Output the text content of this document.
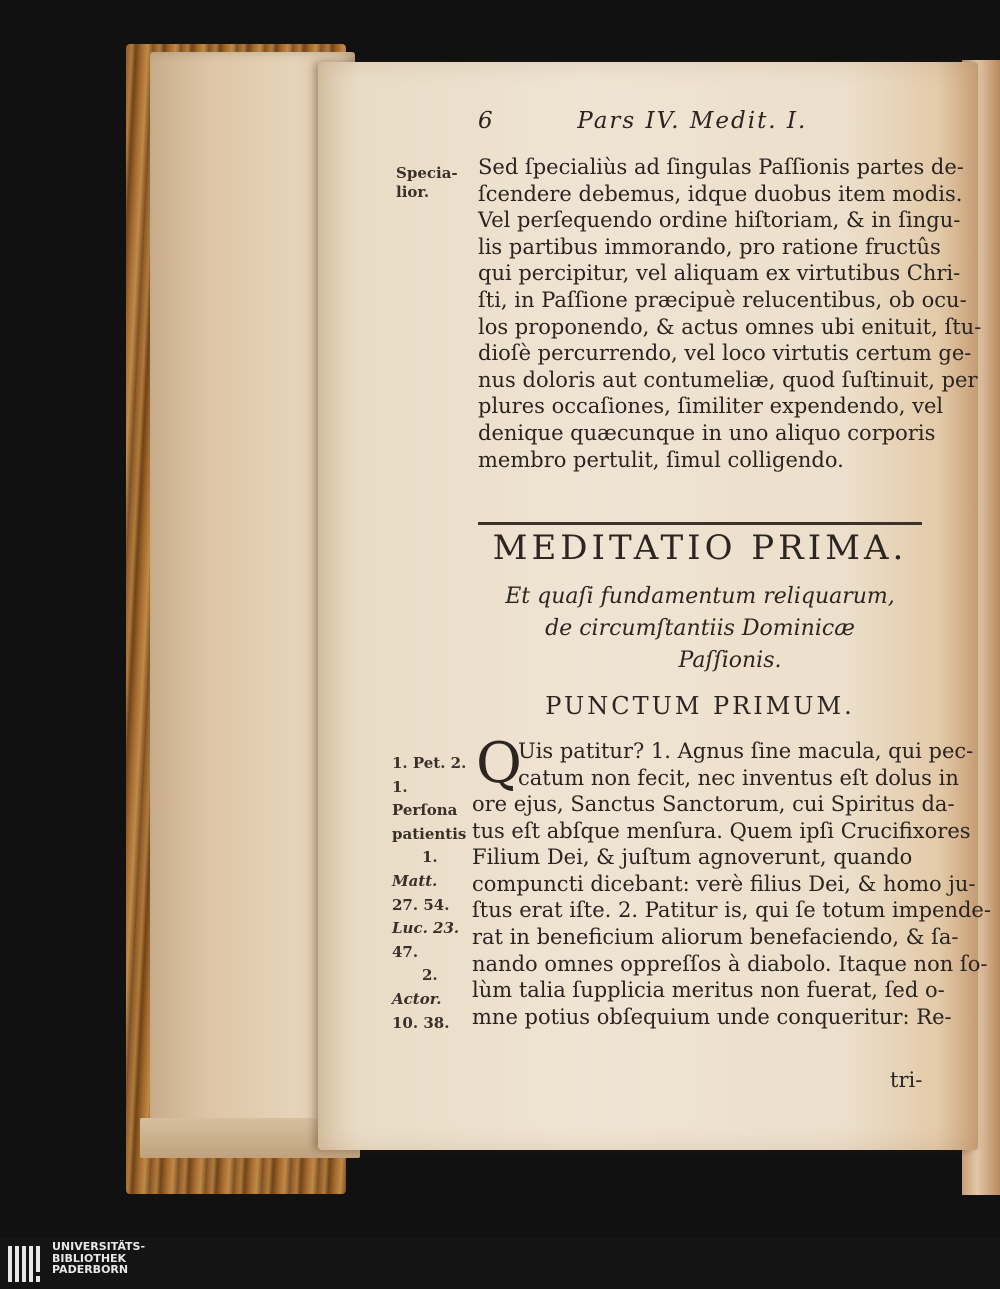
6	Pars IV. Medit. I.
Specia-
lior.
Sed ſpecialiùs ad ſingulas Paſſionis partes de-
ſcendere debemus, idque duobus item modis.
Vel perſequendo ordine hiſtoriam, & in ſingu-
lis partibus immorando, pro ratione fructûs
qui percipitur, vel aliquam ex virtutibus Chri-
ſti, in Paſſione præcipuè relucentibus, ob ocu-
los proponendo, & actus omnes ubi enituit, ſtu-
dioſè percurrendo, vel loco virtutis certum ge-
nus doloris aut contumeliæ, quod ſuſtinuit, per
plures occaſiones, ſimiliter expendendo, vel
denique quæcunque in uno aliquo corporis
membro pertulit, ſimul colligendo.
MEDITATIO PRIMA.
Et quaſi fundamentum reliquarum,
de circumſtantiis Dominicæ
Paſſionis.
PUNCTUM PRIMUM.
1. Pet. 2.
1.
Perſona
patientis
1.
Matt.
27. 54.
Luc. 23.
47.
2.
Actor.
10. 38.
Q
Uis patitur? 1. Agnus ſine macula, qui pec-
catum non fecit, nec inventus eſt dolus in
ore ejus, Sanctus Sanctorum, cui Spiritus da-
tus eſt abſque menſura. Quem ipſi Crucifixores
Filium Dei, & juſtum agnoverunt, quando
compuncti dicebant: verè filius Dei, & homo ju-
ſtus erat iſte. 2. Patitur is, qui ſe totum impende-
rat in beneficium aliorum benefaciendo, & ſa-
nando omnes oppreſſos à diabolo. Itaque non ſo-
lùm talia ſupplicia meritus non fuerat, ſed o-
mne potius obſequium unde conqueritur: Re-
tri-
UNIVERSITÄTS-
BIBLIOTHEK
PADERBORN
